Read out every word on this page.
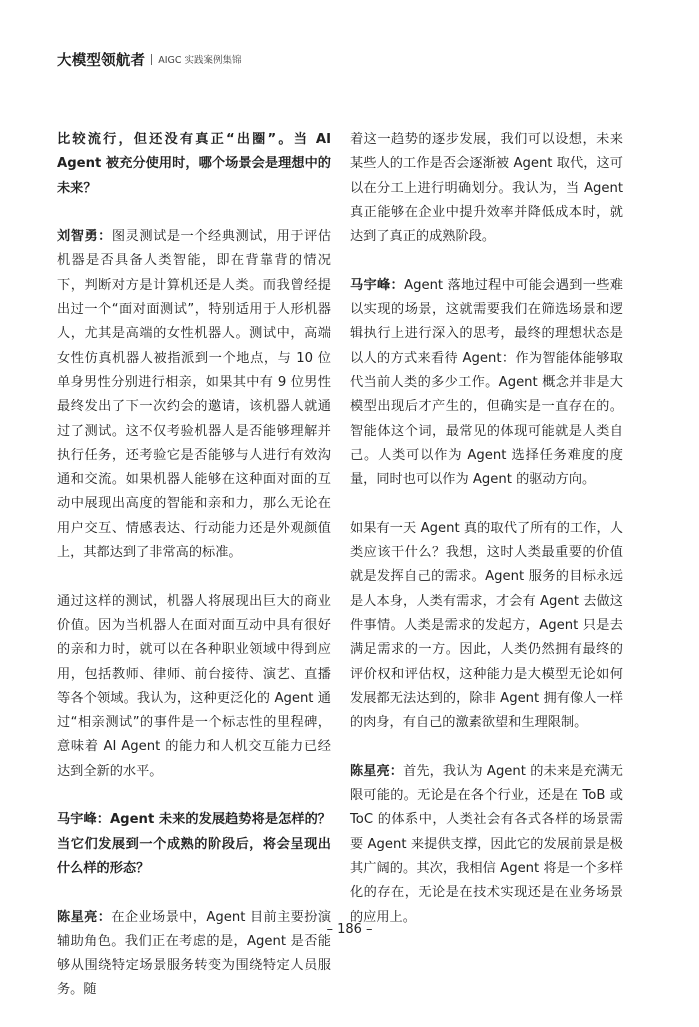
大模型领航者 AIGC 实践案例集锦

比较流行，但还没有真正“出圈”。当 AI Agent 被充分使用时，哪个场景会是理想中的未来？

刘智勇：图灵测试是一个经典测试，用于评估机器是否具备人类智能，即在背靠背的情况下，判断对方是计算机还是人类。而我曾经提出过一个“面对面测试”，特别适用于人形机器人，尤其是高端的女性机器人。测试中，高端女性仿真机器人被指派到一个地点，与 10 位单身男性分别进行相亲，如果其中有 9 位男性最终发出了下一次约会的邀请，该机器人就通过了测试。这不仅考验机器人是否能够理解并执行任务，还考验它是否能够与人进行有效沟通和交流。如果机器人能够在这种面对面的互动中展现出高度的智能和亲和力，那么无论在用户交互、情感表达、行动能力还是外观颜值上，其都达到了非常高的标准。

通过这样的测试，机器人将展现出巨大的商业价值。因为当机器人在面对面互动中具有很好的亲和力时，就可以在各种职业领域中得到应用，包括教师、律师、前台接待、演艺、直播等各个领域。我认为，这种更泛化的 Agent 通过“相亲测试”的事件是一个标志性的里程碑，意味着 AI Agent 的能力和人机交互能力已经达到全新的水平。

马宇峰：Agent 未来的发展趋势将是怎样的？当它们发展到一个成熟的阶段后，将会呈现出什么样的形态？

陈星亮：在企业场景中，Agent 目前主要扮演辅助角色。我们正在考虑的是，Agent 是否能够从围绕特定场景服务转变为围绕特定人员服务。随

着这一趋势的逐步发展，我们可以设想，未来某些人的工作是否会逐渐被 Agent 取代，这可以在分工上进行明确划分。我认为，当 Agent 真正能够在企业中提升效率并降低成本时，就达到了真正的成熟阶段。

马宇峰：Agent 落地过程中可能会遇到一些难以实现的场景，这就需要我们在筛选场景和逻辑执行上进行深入的思考，最终的理想状态是以人的方式来看待 Agent：作为智能体能够取代当前人类的多少工作。Agent 概念并非是大模型出现后才产生的，但确实是一直存在的。智能体这个词，最常见的体现可能就是人类自己。人类可以作为 Agent 选择任务难度的度量，同时也可以作为 Agent 的驱动方向。

如果有一天 Agent 真的取代了所有的工作，人类应该干什么？我想，这时人类最重要的价值就是发挥自己的需求。Agent 服务的目标永远是人本身，人类有需求，才会有 Agent 去做这件事情。人类是需求的发起方，Agent 只是去满足需求的一方。因此，人类仍然拥有最终的评价权和评估权，这种能力是大模型无论如何发展都无法达到的，除非 Agent 拥有像人一样的肉身，有自己的激素欲望和生理限制。

陈星亮：首先，我认为 Agent 的未来是充满无限可能的。无论是在各个行业，还是在 ToB 或 ToC 的体系中，人类社会有各式各样的场景需要 Agent 来提供支撑，因此它的发展前景是极其广阔的。其次，我相信 Agent 将是一个多样化的存在，无论是在技术实现还是在业务场景的应用上。

– 186 –
